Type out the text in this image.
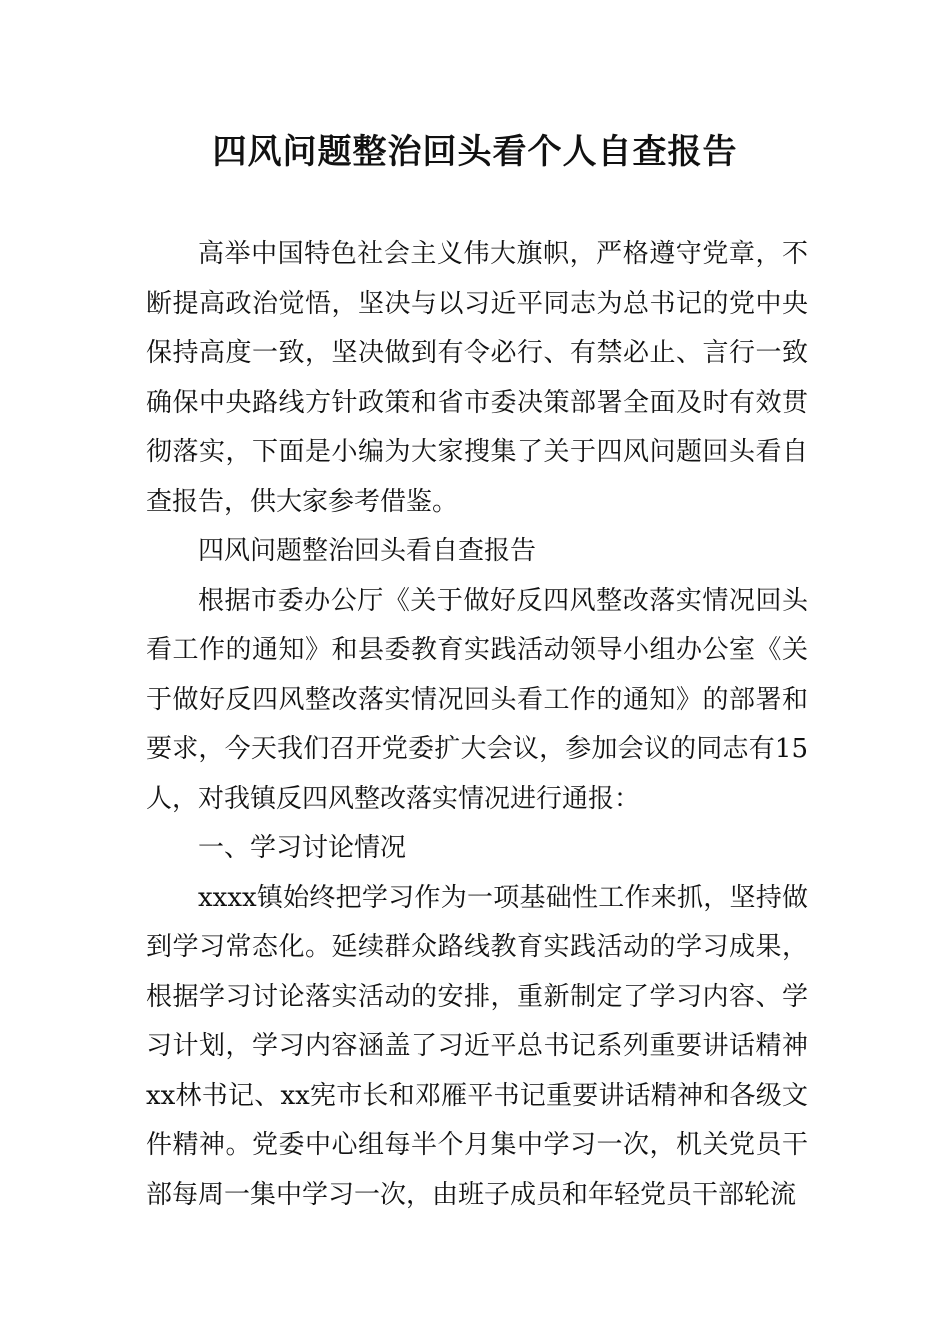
四风问题整治回头看个人自查报告

高举中国特色社会主义伟大旗帜，严格遵守党章，不断提高政治觉悟，坚决与以习近平同志为总书记的党中央保持高度一致，坚决做到有令必行、有禁必止、言行一致确保中央路线方针政策和省市委决策部署全面及时有效贯彻落实，下面是小编为大家搜集了关于四风问题回头看自查报告，供大家参考借鉴。

四风问题整治回头看自查报告

根据市委办公厅《关于做好反四风整改落实情况回头看工作的通知》和县委教育实践活动领导小组办公室《关于做好反四风整改落实情况回头看工作的通知》的部署和要求，今天我们召开党委扩大会议，参加会议的同志有15人，对我镇反四风整改落实情况进行通报：

一、学习讨论情况

xxxx镇始终把学习作为一项基础性工作来抓，坚持做到学习常态化。延续群众路线教育实践活动的学习成果，根据学习讨论落实活动的安排，重新制定了学习内容、学习计划，学习内容涵盖了习近平总书记系列重要讲话精神xx林书记、xx宪市长和邓雁平书记重要讲话精神和各级文件精神。党委中心组每半个月集中学习一次，机关党员干部每周一集中学习一次，由班子成员和年轻党员干部轮流
